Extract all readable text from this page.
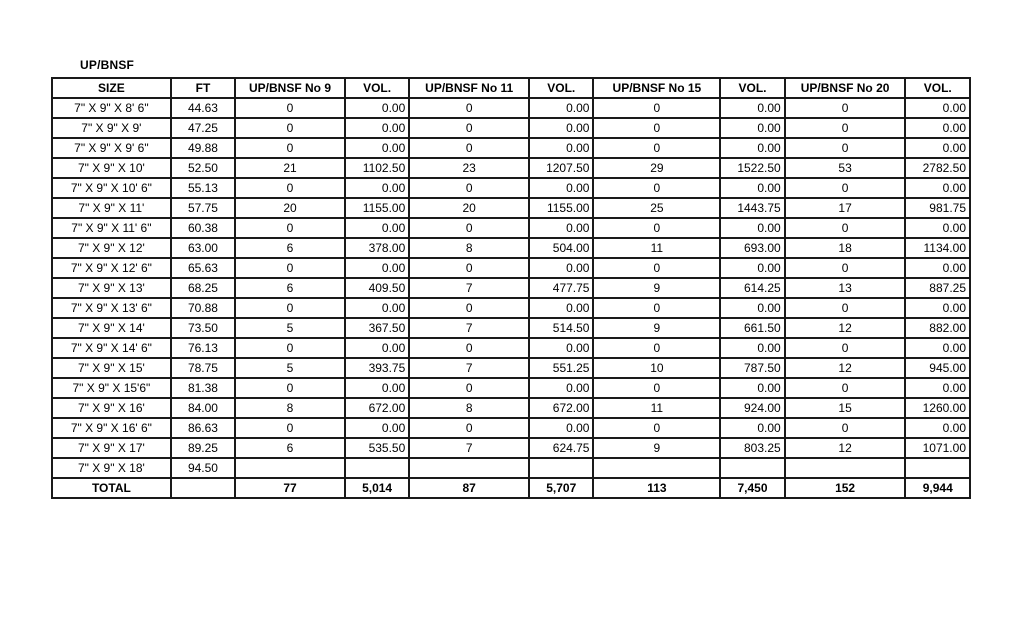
UP/BNSF
SIZE	FT	UP/BNSF No 9	VOL.	UP/BNSF No 11	VOL.	UP/BNSF No 15	VOL.	UP/BNSF No 20	VOL.
7" X 9" X 8' 6"	44.63	0	0.00	0	0.00	0	0.00	0	0.00
7" X 9" X 9'	47.25	0	0.00	0	0.00	0	0.00	0	0.00
7" X 9" X 9' 6"	49.88	0	0.00	0	0.00	0	0.00	0	0.00
7" X 9" X 10'	52.50	21	1102.50	23	1207.50	29	1522.50	53	2782.50
7" X 9" X 10' 6"	55.13	0	0.00	0	0.00	0	0.00	0	0.00
7" X 9" X 11'	57.75	20	1155.00	20	1155.00	25	1443.75	17	981.75
7" X 9" X 11' 6"	60.38	0	0.00	0	0.00	0	0.00	0	0.00
7" X 9" X 12'	63.00	6	378.00	8	504.00	11	693.00	18	1134.00
7" X 9" X 12' 6"	65.63	0	0.00	0	0.00	0	0.00	0	0.00
7" X 9" X 13'	68.25	6	409.50	7	477.75	9	614.25	13	887.25
7" X 9" X 13' 6"	70.88	0	0.00	0	0.00	0	0.00	0	0.00
7" X 9" X 14'	73.50	5	367.50	7	514.50	9	661.50	12	882.00
7" X 9" X 14' 6"	76.13	0	0.00	0	0.00	0	0.00	0	0.00
7" X 9" X 15'	78.75	5	393.75	7	551.25	10	787.50	12	945.00
7" X 9" X 15'6"	81.38	0	0.00	0	0.00	0	0.00	0	0.00
7" X 9" X 16'	84.00	8	672.00	8	672.00	11	924.00	15	1260.00
7" X 9" X 16' 6"	86.63	0	0.00	0	0.00	0	0.00	0	0.00
7" X 9" X 17'	89.25	6	535.50	7	624.75	9	803.25	12	1071.00
7" X 9" X 18'	94.50								
TOTAL		77	5,014	87	5,707	113	7,450	152	9,944
